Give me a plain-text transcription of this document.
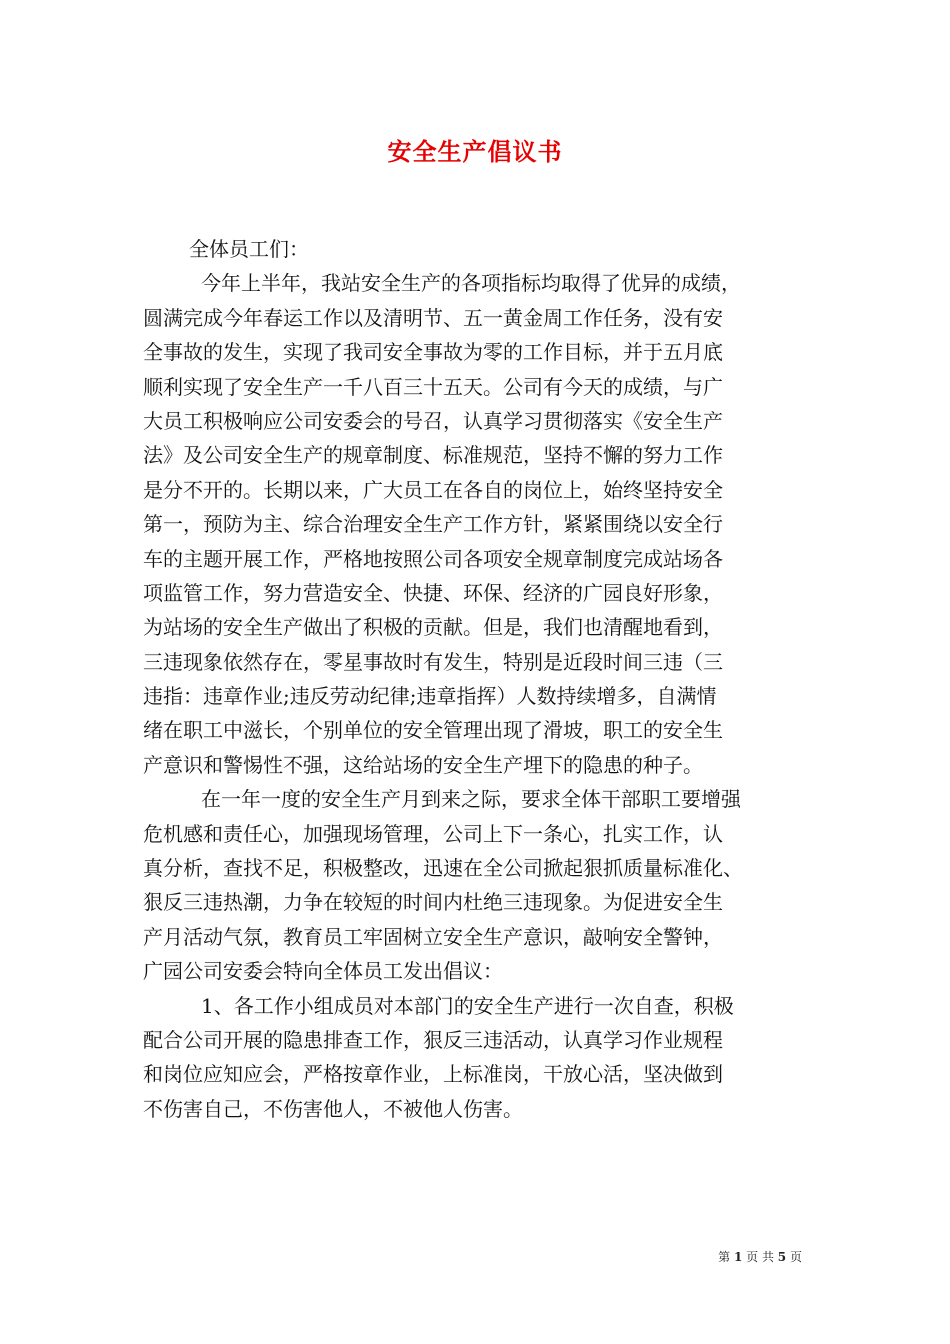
安全生产倡议书
全体员工们：
今年上半年，我站安全生产的各项指标均取得了优异的成绩，
圆满完成今年春运工作以及清明节、五一黄金周工作任务，没有安
全事故的发生，实现了我司安全事故为零的工作目标，并于五月底
顺利实现了安全生产一千八百三十五天。公司有今天的成绩，与广
大员工积极响应公司安委会的号召，认真学习贯彻落实《安全生产
法》及公司安全生产的规章制度、标准规范，坚持不懈的努力工作
是分不开的。长期以来，广大员工在各自的岗位上，始终坚持安全
第一，预防为主、综合治理安全生产工作方针，紧紧围绕以安全行
车的主题开展工作，严格地按照公司各项安全规章制度完成站场各
项监管工作，努力营造安全、快捷、环保、经济的广园良好形象，
为站场的安全生产做出了积极的贡献。但是，我们也清醒地看到，
三违现象依然存在，零星事故时有发生，特别是近段时间三违（三
违指：违章作业;违反劳动纪律;违章指挥）人数持续增多，自满情
绪在职工中滋长，个别单位的安全管理出现了滑坡，职工的安全生
产意识和警惕性不强，这给站场的安全生产埋下的隐患的种子。
在一年一度的安全生产月到来之际，要求全体干部职工要增强
危机感和责任心，加强现场管理，公司上下一条心，扎实工作，认
真分析，查找不足，积极整改，迅速在全公司掀起狠抓质量标准化、
狠反三违热潮，力争在较短的时间内杜绝三违现象。为促进安全生
产月活动气氛，教育员工牢固树立安全生产意识，敲响安全警钟，
广园公司安委会特向全体员工发出倡议：
1、各工作小组成员对本部门的安全生产进行一次自查，积极
配合公司开展的隐患排查工作，狠反三违活动，认真学习作业规程
和岗位应知应会，严格按章作业，上标准岗，干放心活，坚决做到
不伤害自己，不伤害他人，不被他人伤害。
第 1 页 共 5 页
